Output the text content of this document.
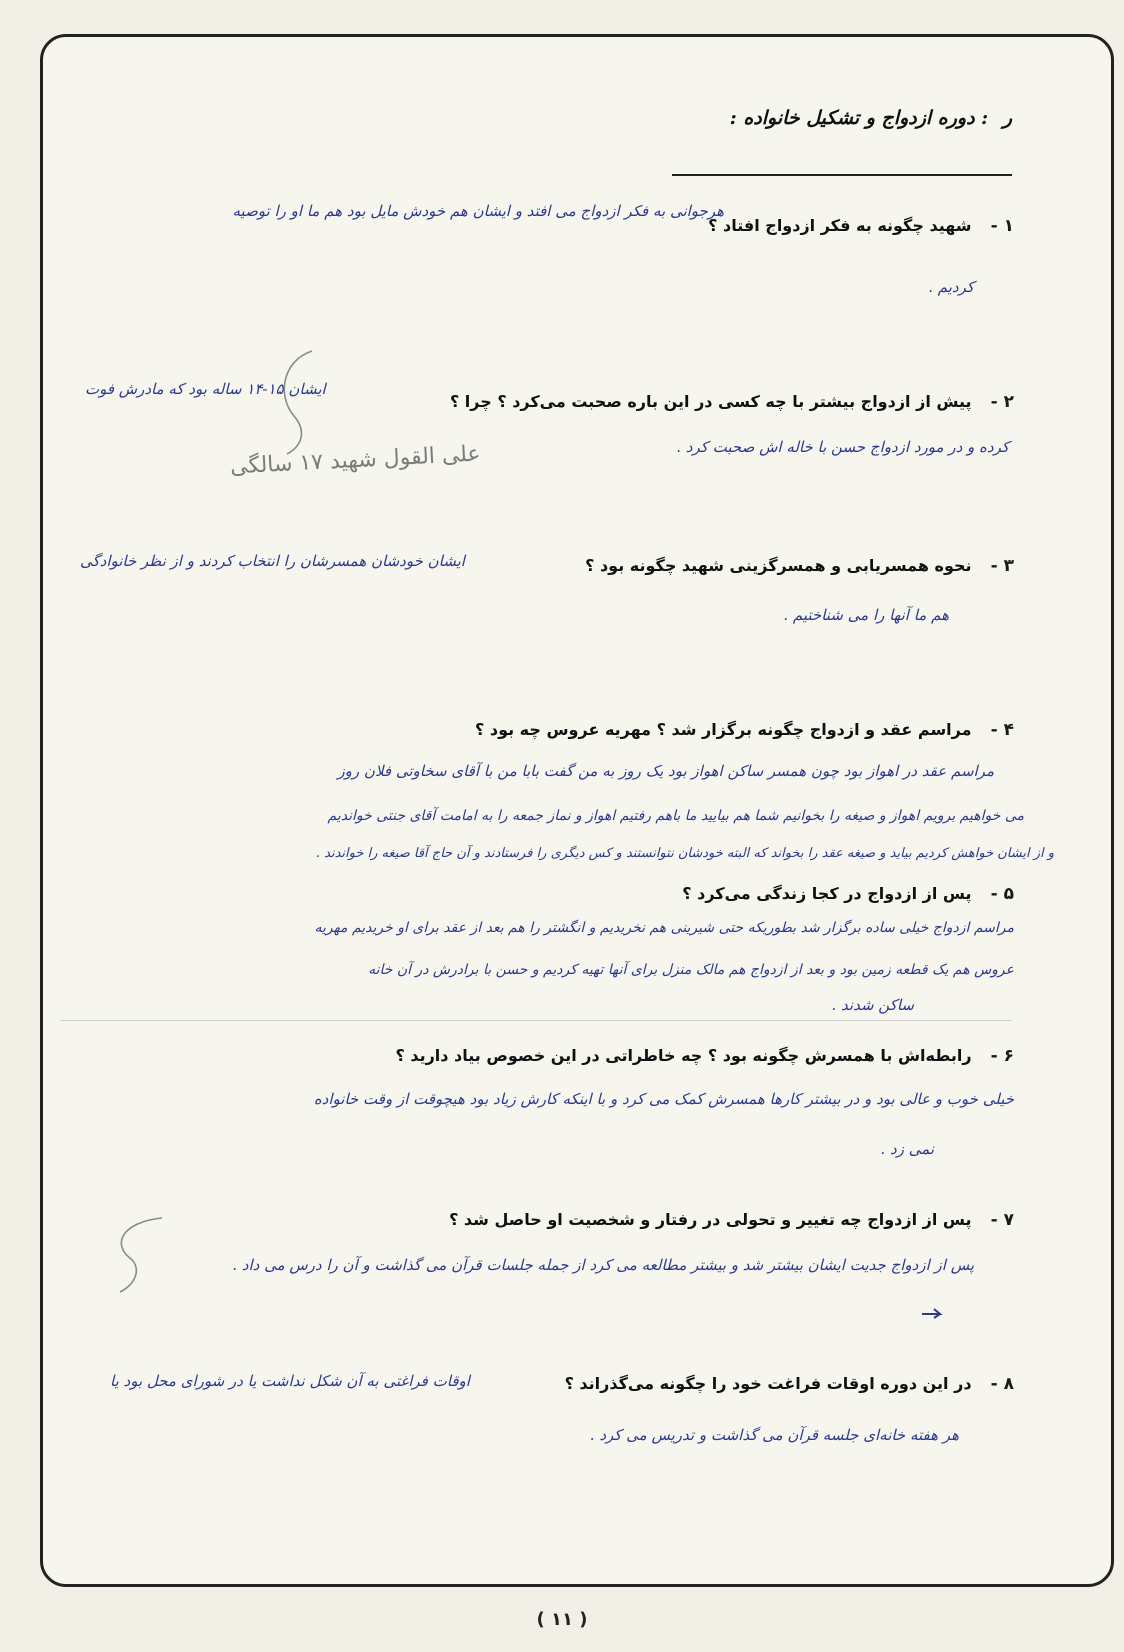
ر : دوره ازدواج و تشکیل خانواده :
۱ - شهید چگونه به فکر ازدواج افتاد ؟
هرجوانی به فکر ازدواج می افتد و ایشان هم خودش مایل بود هم ما او را توصیه
کردیم .
۲ - پیش از ازدواج بیشتر با چه کسی در این باره صحبت می‌کرد ؟ چرا ؟
ایشان ۱۵-۱۴ ساله بود که مادرش فوت
کرده و در مورد ازدواج حسن با خاله اش صحبت کرد .
علی القول شهید ۱۷ سالگی
۳ - نحوه همسریابی و همسرگزینی شهید چگونه بود ؟
ایشان خودشان همسرشان را انتخاب کردند و از نظر خانوادگی
هم ما آنها را می شناختیم .
۴ - مراسم عقد و ازدواج چگونه برگزار شد ؟ مهریه عروس چه بود ؟
مراسم عقد در اهواز بود چون همسر ساکن اهواز بود یک روز به من گفت بابا من با آقای سخاوتی فلان روز
می خواهیم برویم اهواز و صیغه را بخوانیم شما هم بیایید ما باهم رفتیم اهواز و نماز جمعه را به امامت آقای جنتی خواندیم
و از ایشان خواهش کردیم بیاید و صیغه عقد را بخواند که البته خودشان نتوانستند و کس دیگری را فرستادند و آن حاج آقا صیغه را خواندند .
۵ - پس از ازدواج در کجا زندگی می‌کرد ؟
مراسم ازدواج خیلی ساده برگزار شد بطوریکه حتی شیرینی هم نخریدیم و انگشتر را هم بعد از عقد برای او خریدیم مهریه
عروس هم یک قطعه زمین بود و بعد از ازدواج هم مالک منزل برای آنها تهیه کردیم و حسن با برادرش در آن خانه
ساکن شدند .
۶ - رابطه‌اش با همسرش چگونه بود ؟ چه خاطراتی در این خصوص بیاد دارید ؟
خیلی خوب و عالی بود و در بیشتر کارها همسرش کمک می کرد و با اینکه کارش زیاد بود هیچوقت از وقت خانواده
نمی زد .
۷ - پس از ازدواج چه تغییر و تحولی در رفتار و شخصیت او حاصل شد ؟
پس از ازدواج جدیت ایشان بیشتر شد و بیشتر مطالعه می کرد از جمله جلسات قرآن می گذاشت و آن را درس می داد .
۸ - در این دوره اوقات فراغت خود را چگونه می‌گذراند ؟
اوقات فراغتی به آن شکل نداشت یا در شورای محل بود یا
هر هفته خانه‌ای جلسه قرآن می گذاشت و تدریس می کرد .
( ۱۱ )
